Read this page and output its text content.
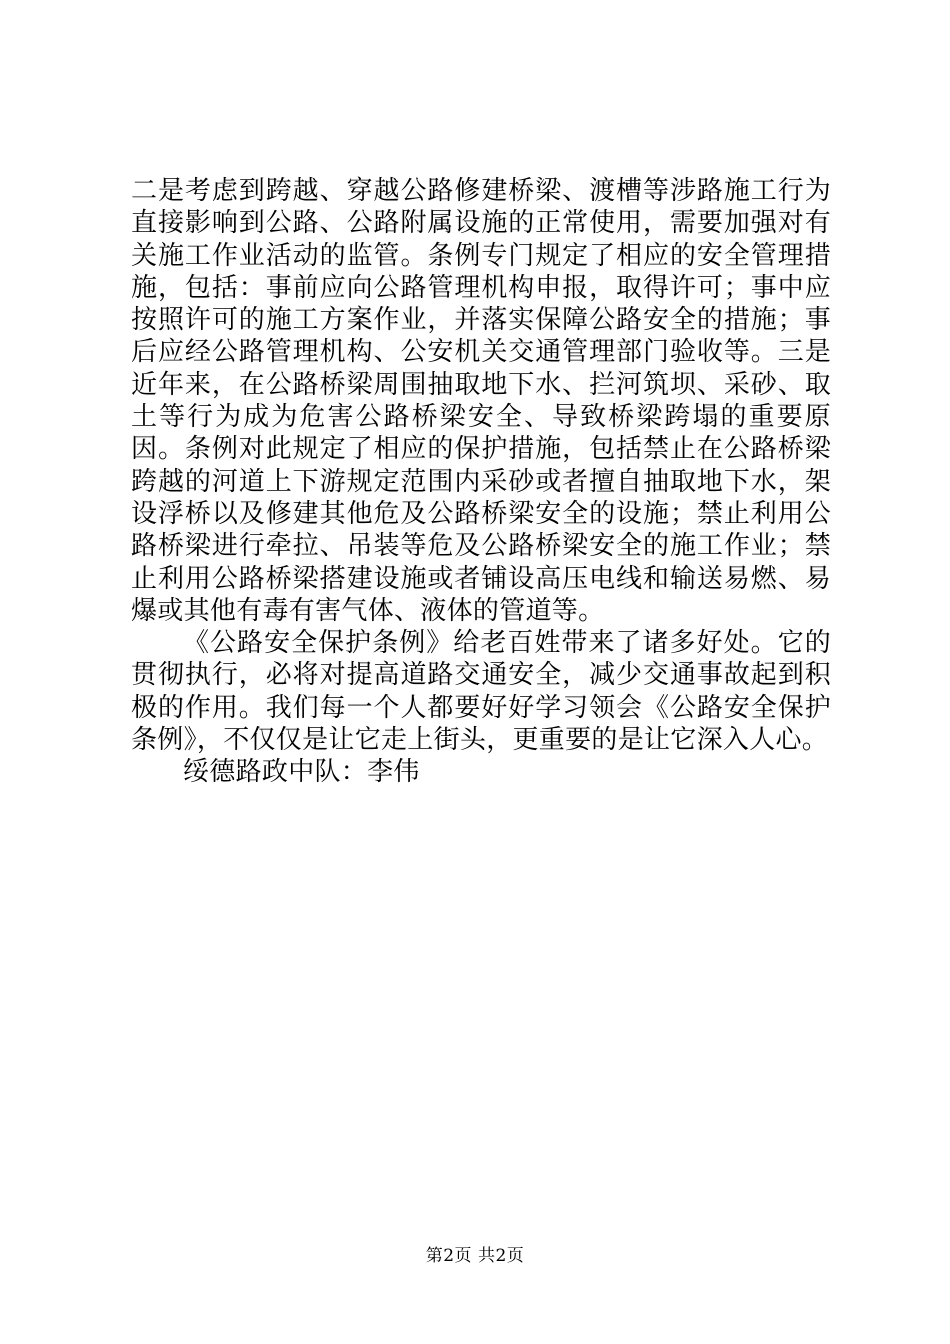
二是考虑到跨越、穿越公路修建桥梁、渡槽等涉路施工行为直接影响到公路、公路附属设施的正常使用，需要加强对有关施工作业活动的监管。条例专门规定了相应的安全管理措施，包括：事前应向公路管理机构申报，取得许可；事中应按照许可的施工方案作业，并落实保障公路安全的措施；事后应经公路管理机构、公安机关交通管理部门验收等。三是近年来，在公路桥梁周围抽取地下水、拦河筑坝、采砂、取土等行为成为危害公路桥梁安全、导致桥梁跨塌的重要原因。条例对此规定了相应的保护措施，包括禁止在公路桥梁跨越的河道上下游规定范围内采砂或者擅自抽取地下水，架设浮桥以及修建其他危及公路桥梁安全的设施；禁止利用公路桥梁进行牵拉、吊装等危及公路桥梁安全的施工作业；禁止利用公路桥梁搭建设施或者铺设高压电线和输送易燃、易爆或其他有毒有害气体、液体的管道等。

《公路安全保护条例》给老百姓带来了诸多好处。它的贯彻执行，必将对提高道路交通安全，减少交通事故起到积极的作用。我们每一个人都要好好学习领会《公路安全保护条例》，不仅仅是让它走上街头，更重要的是让它深入人心。

绥德路政中队：李伟

第2页 共2页
